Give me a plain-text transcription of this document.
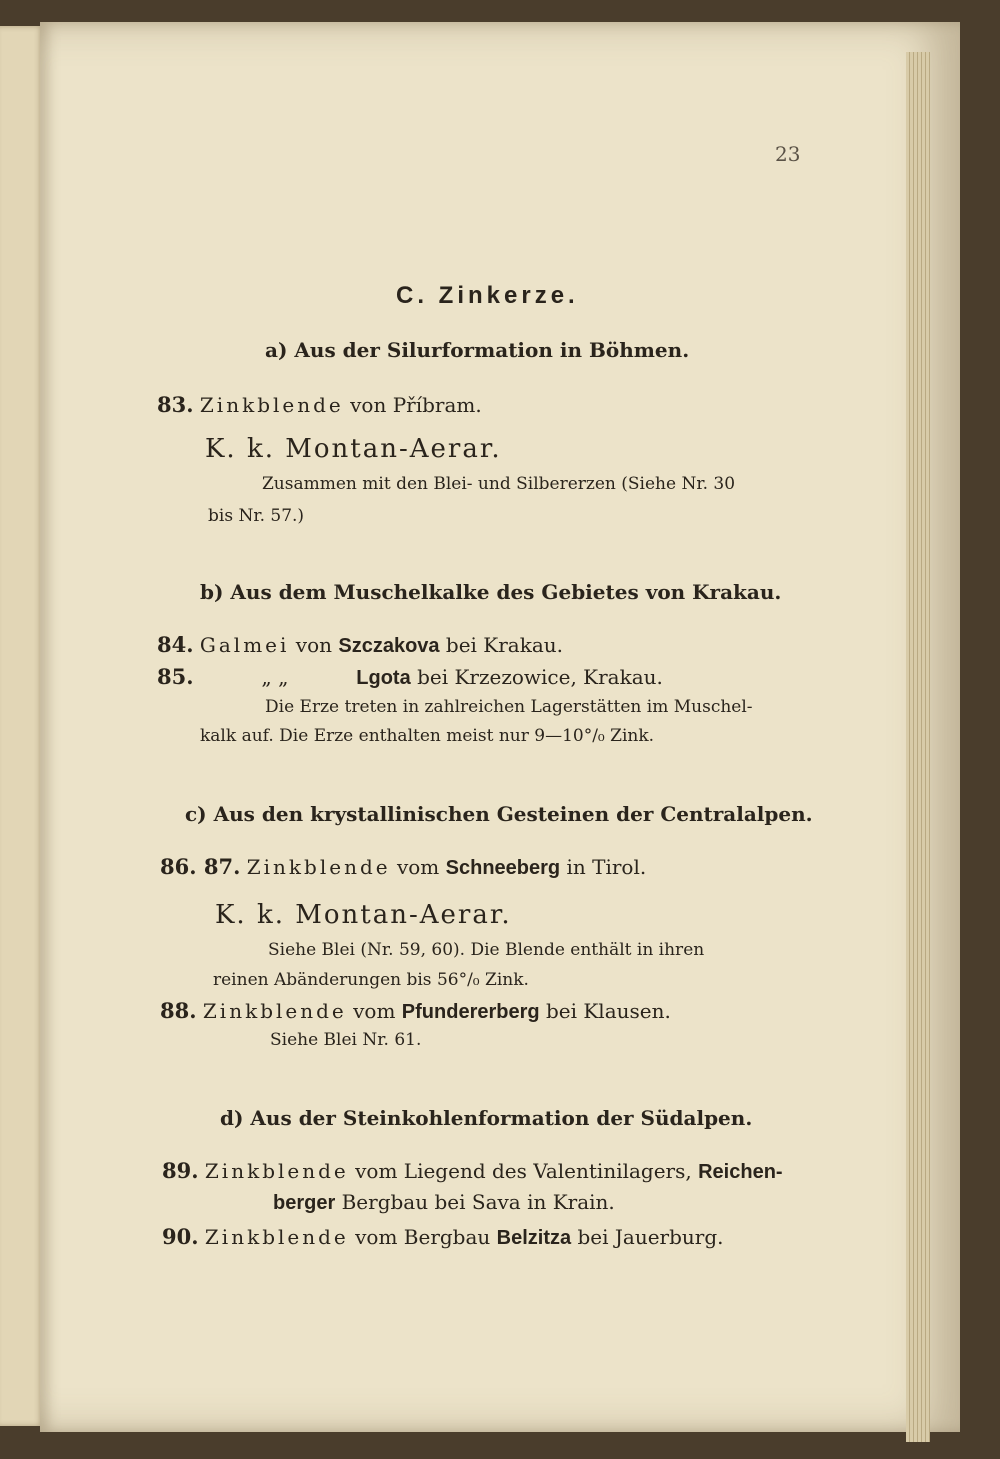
23
C. Zinkerze.
a) Aus der Silurformation in Böhmen.
83. Zinkblende von Příbram.
K. k. Montan-Aerar.
Zusammen mit den Blei- und Silbererzen (Siehe Nr. 30
bis Nr. 57.)
b) Aus dem Muschelkalke des Gebietes von Krakau.
84. Galmei von Szczakova bei Krakau.
85.	„ „	Lgota bei Krzezowice, Krakau.
Die Erze treten in zahlreichen Lagerstätten im Muschel-
kalk auf. Die Erze enthalten meist nur 9—10°/₀ Zink.
c) Aus den krystallinischen Gesteinen der Centralalpen.
86. 87. Zinkblende vom Schneeberg in Tirol.
K. k. Montan-Aerar.
Siehe Blei (Nr. 59, 60). Die Blende enthält in ihren
reinen Abänderungen bis 56°/₀ Zink.
88. Zinkblende vom Pfundererberg bei Klausen.
Siehe Blei Nr. 61.
d) Aus der Steinkohlenformation der Südalpen.
89. Zinkblende vom Liegend des Valentinilagers, Reichen-
berger Bergbau bei Sava in Krain.
90. Zinkblende vom Bergbau Belzitza bei Jauerburg.
